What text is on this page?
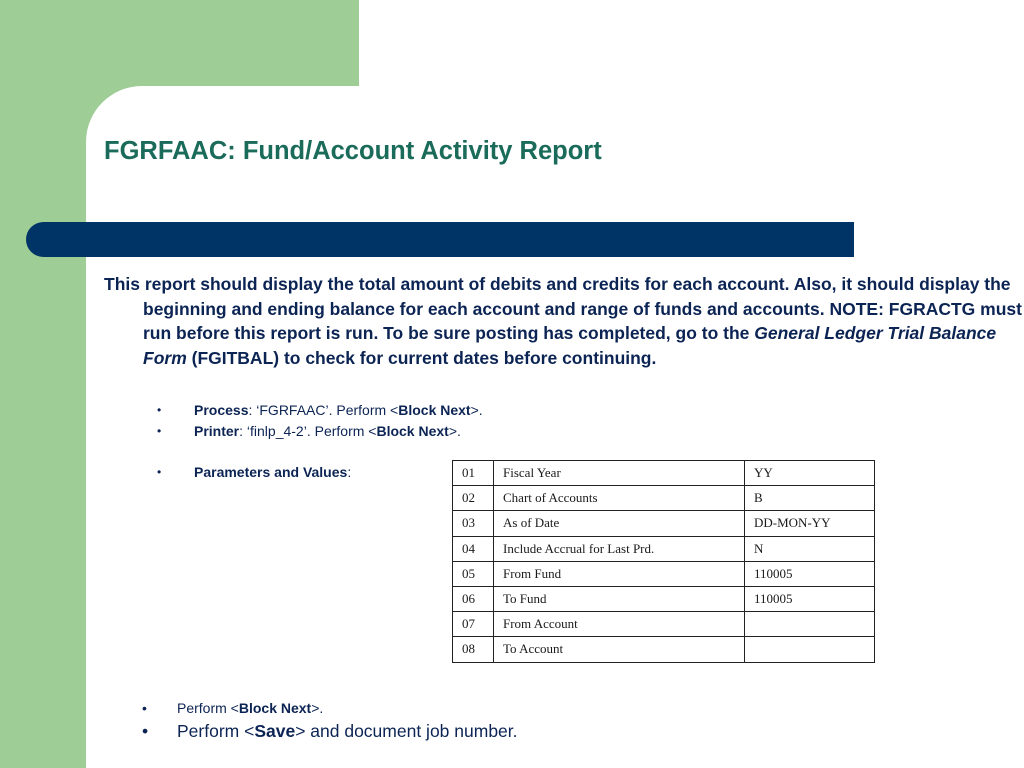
FGRFAAC: Fund/Account Activity Report
This report should display the total amount of debits and credits for each account. Also, it should display the beginning and ending balance for each account and range of funds and accounts. NOTE: FGRACTG must run before this report is run. To be sure posting has completed, go to the General Ledger Trial Balance Form (FGITBAL) to check for current dates before continuing.
•	Process: ‘FGRFAAC’. Perform <Block Next>.
•	Printer: ‘finlp_4-2’. Perform <Block Next>.
•	Parameters and Values:	01	Fiscal Year	YY
02	Chart of Accounts	B
03	As of Date	DD-MON-YY
04	Include Accrual for Last Prd.	N
05	From Fund	110005
06	To Fund	110005
07	From Account	
08	To Account	
•	Perform <Block Next>.
•	Perform <Save> and document job number.
